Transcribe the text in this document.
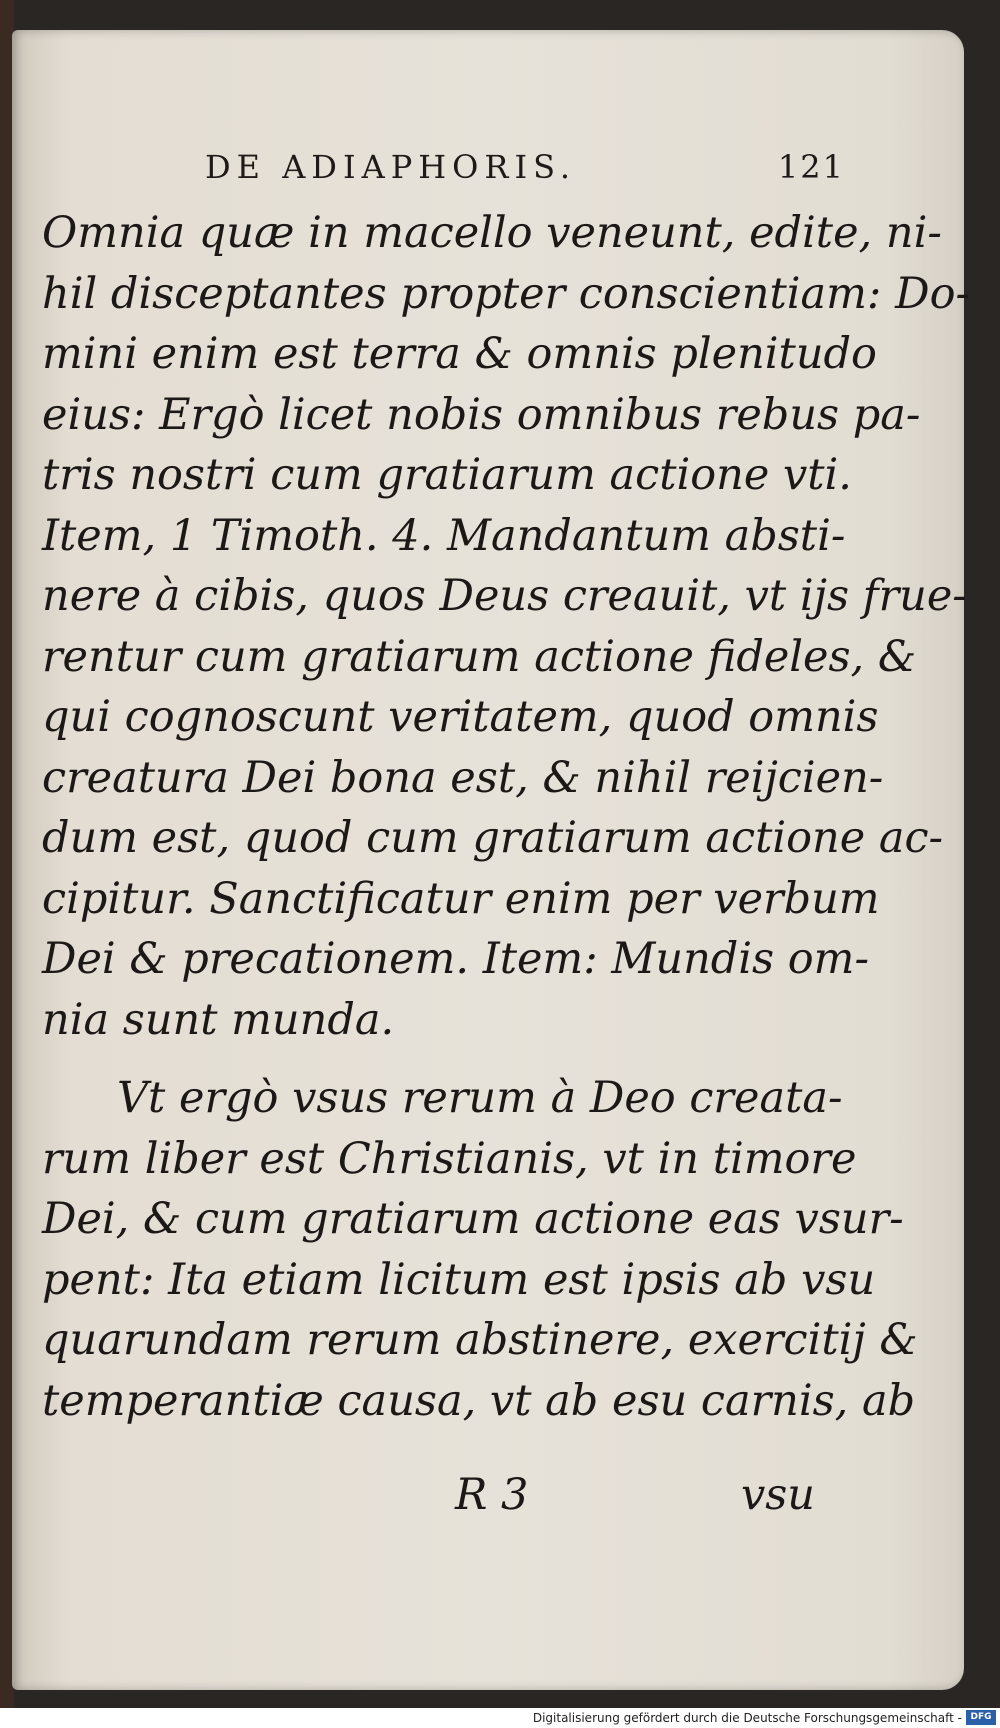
DE ADIAPHORIS.	121
Omnia quæ in macello veneunt, edite, ni-
hil disceptantes propter conscientiam: Do-
mini enim est terra & omnis plenitudo
eius: Ergò licet nobis omnibus rebus pa-
tris nostri cum gratiarum actione vti.
Item, 1 Timoth. 4. Mandantum absti-
nere à cibis, quos Deus creauit, vt ijs frue-
rentur cum gratiarum actione fideles, &
qui cognoscunt veritatem, quod omnis
creatura Dei bona est, & nihil reijcien-
dum est, quod cum gratiarum actione ac-
cipitur. Sanctificatur enim per verbum
Dei & precationem. Item: Mundis om-
nia sunt munda.
Vt ergò vsus rerum à Deo creata-
rum liber est Christianis, vt in timore
Dei, & cum gratiarum actione eas vsur-
pent: Ita etiam licitum est ipsis ab vsu
quarundam rerum abstinere, exercitij &
temperantiæ causa, vt ab esu carnis, ab
R 3	vsu
Digitalisierung gefördert durch die Deutsche Forschungsgemeinschaft - DFG
